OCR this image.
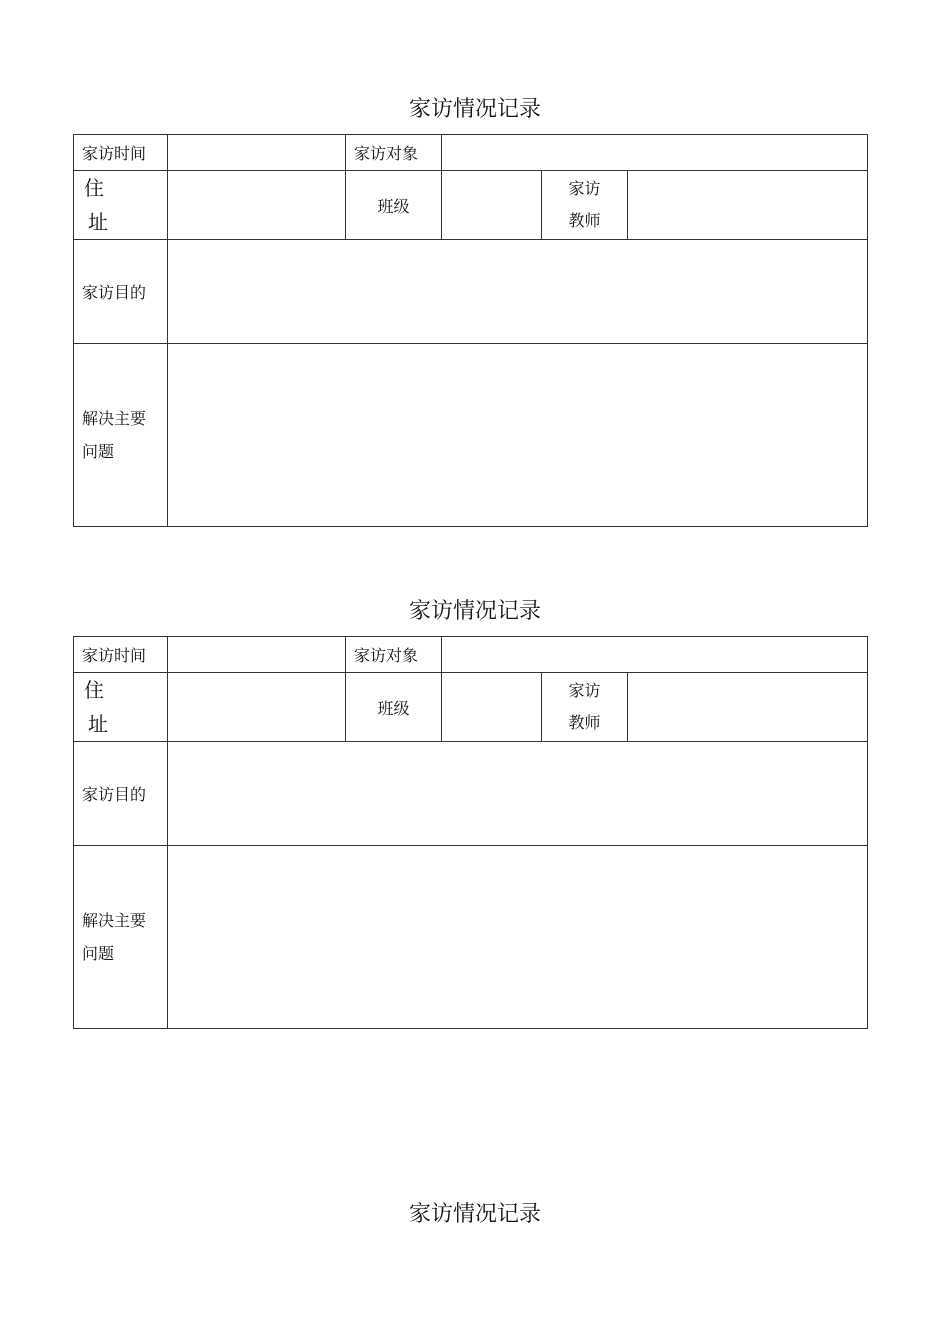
家访情况记录
家访时间		家访对象			

住
址		班级		家访
教师	

家访目的					

解决主要
问题					

家访情况记录
家访时间		家访对象			

住
址		班级		家访
教师	

家访目的					

解决主要
问题					

家访情况记录
